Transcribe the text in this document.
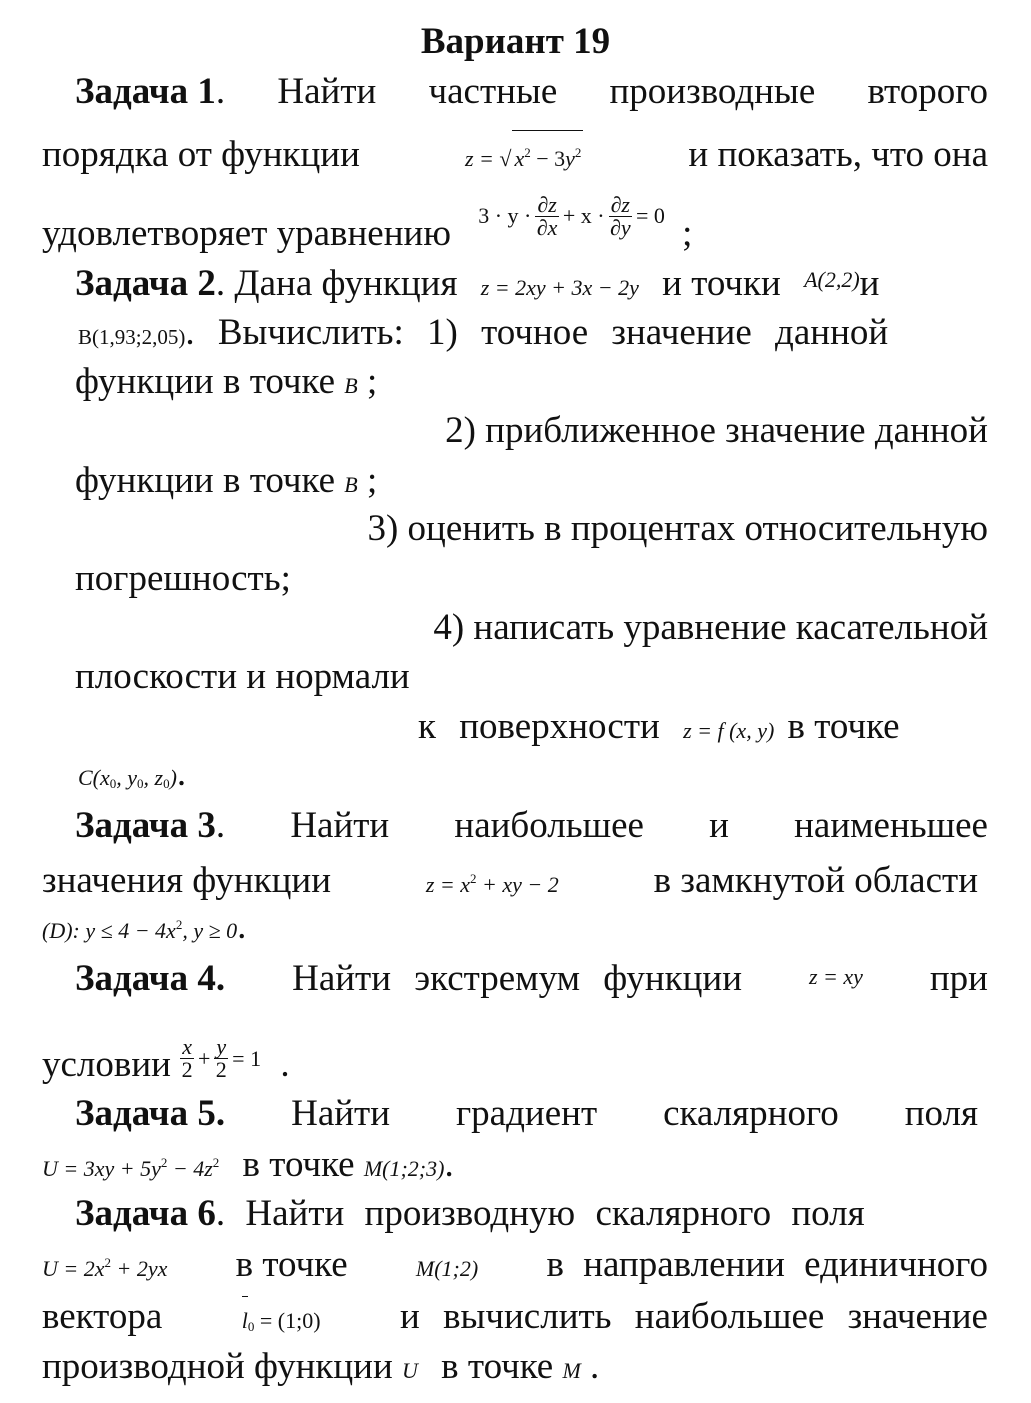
Вариант 19
Задача 1. Найти частные производные второго
порядка от функции	z = √ $x^2 - 3y^2$	и показать, что она
удовлетворяет уравнению $3 \cdot y \cdot \frac{\partial z}{\partial x} + x \cdot \frac{\partial z}{\partial y} = 0$ ;
Задача 2. Дана функция z = 2xy + 3x − 2y и точки $^{A(2,2)}$и
B(1,93;2,05). Вычислить: 1) точное значение данной
функции в точке B ;
2) приближенное значение данной
функции в точке B ;
3) оценить в процентах относительную
погрешность;
4) написать уравнение касательной
плоскости и нормали
к поверхности z = f (x, y) в точке
$C(x_0$, $y_0$, $z_0$).
Задача 3. Найти наибольшее и наименьшее
значения функции	$z = x^2$ + xy − 2	в замкнутой области
(D): $y \le 4 - 4x^2$, y ≥ 0.
Задача 4. Найти экстремум функции	z = xy при
условии $\frac{x}{2} + \frac{y}{2} = 1$ .
Задача 5. Найти градиент скалярного поля
$U = 3xy + 5y^2 - 4z^2$ в точке M(1;2;3).
Задача 6. Найти производную скалярного поля
$U = 2x^2 + 2yx$ в точке	M(1;2) в направлении единичного
вектора	$l_0$ = (1;0) и вычислить наибольшее значение
производной функции U в точке M .
